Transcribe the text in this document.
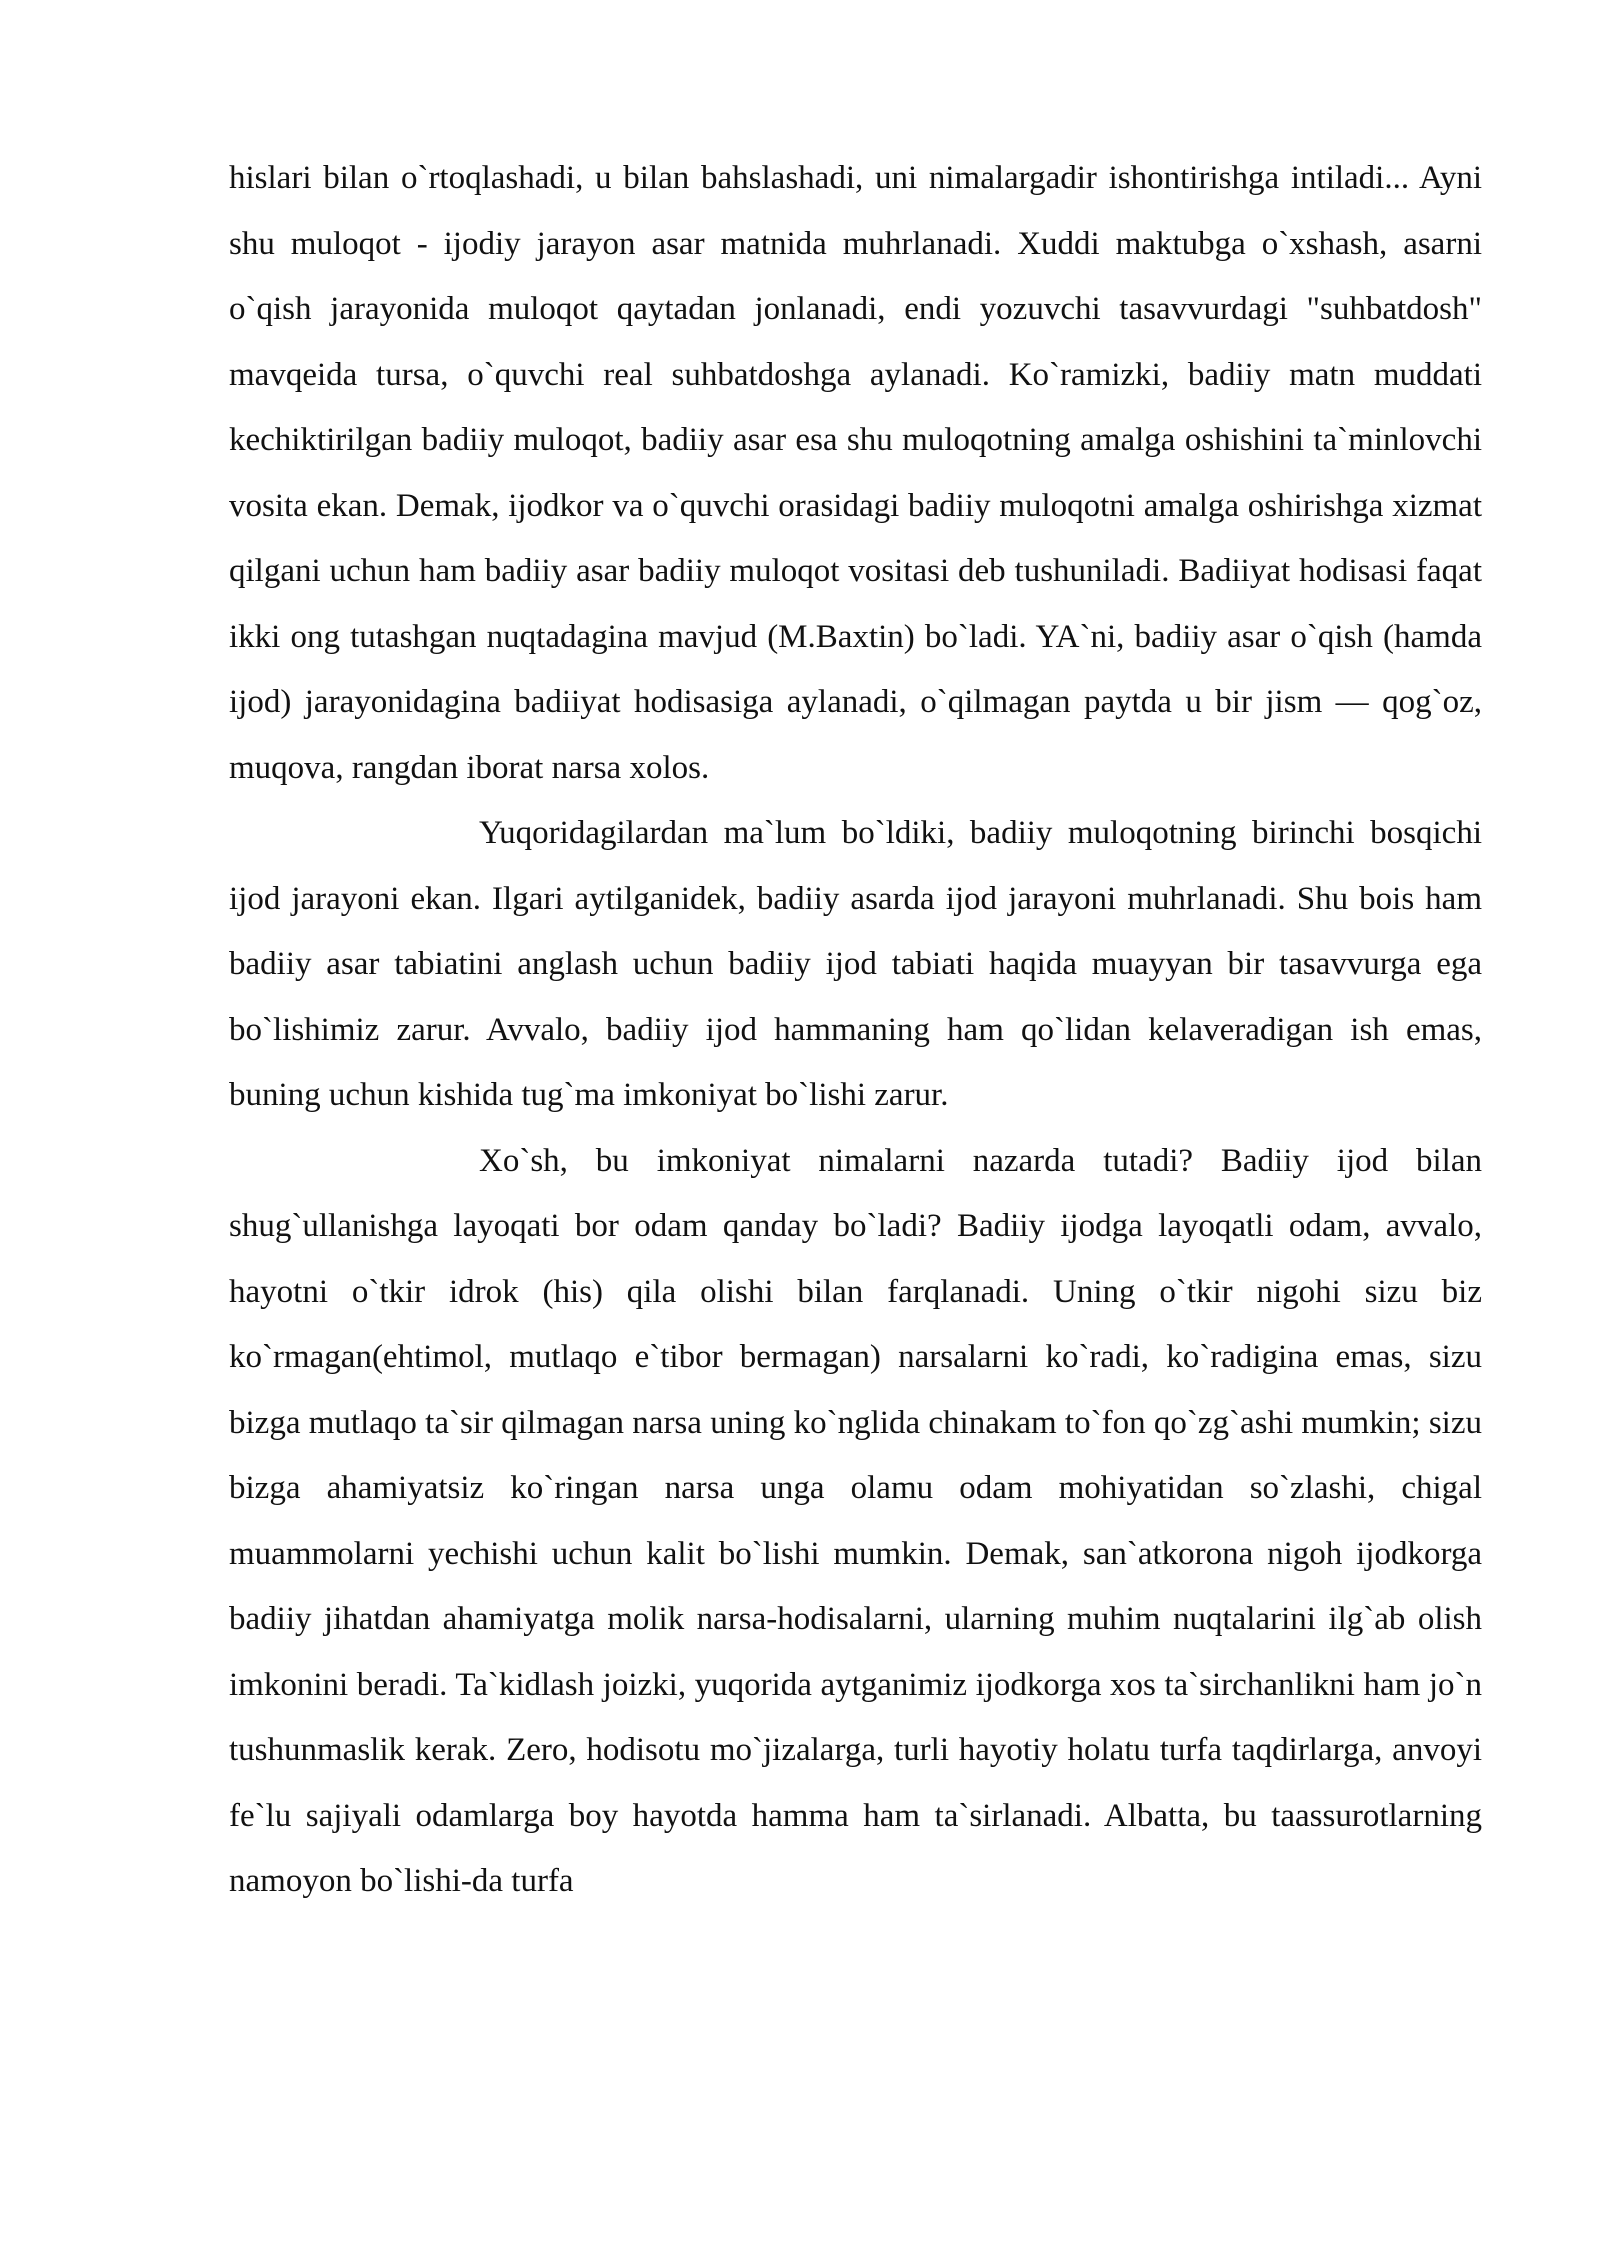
hislari bilan o`rtoqlashadi, u bilan bahslashadi, uni nimalargadir ishontirishga intiladi... Ayni shu muloqot - ijodiy jarayon asar matnida muhrlanadi. Xuddi maktubga o`xshash, asarni o`qish jarayonida muloqot qaytadan jonlanadi, endi yozuvchi tasavvurdagi "suhbatdosh" mavqeida tursa, o`quvchi real suhbatdoshga aylanadi. Ko`ramizki, badiiy matn muddati kechiktirilgan badiiy muloqot, badiiy asar esa shu muloqotning amalga oshishini ta`minlovchi vosita ekan. Demak, ijodkor va o`quvchi orasidagi badiiy muloqotni amalga oshirishga xizmat qilgani uchun ham badiiy asar badiiy muloqot vositasi deb tushuniladi. Badiiyat hodisasi faqat ikki ong tutashgan nuqtadagina mavjud (M.Baxtin) bo`ladi. YA`ni, badiiy asar o`qish (hamda ijod) jarayonidagina badiiyat hodisasiga aylanadi, o`qilmagan paytda u bir jism — qog`oz, muqova, rangdan iborat narsa xolos.

Yuqoridagilardan ma`lum bo`ldiki, badiiy muloqotning birinchi bosqichi ijod jarayoni ekan. Ilgari aytilganidek, badiiy asarda ijod jarayoni muhrlanadi. Shu bois ham badiiy asar tabiatini anglash uchun badiiy ijod tabiati haqida muayyan bir tasavvurga ega bo`lishimiz zarur. Avvalo, badiiy ijod hammaning ham qo`lidan kelaveradigan ish emas, buning uchun kishida tug`ma imkoniyat bo`lishi zarur.

Xo`sh, bu imkoniyat nimalarni nazarda tutadi? Badiiy ijod bilan shug`ullanishga layoqati bor odam qanday bo`ladi? Badiiy ijodga layoqatli odam, avvalo, hayotni o`tkir idrok (his) qila olishi bilan farqlanadi. Uning o`tkir nigohi sizu biz ko`rmagan(ehtimol, mutlaqo e`tibor bermagan) narsalarni ko`radi, ko`radigina emas, sizu bizga mutlaqo ta`sir qilmagan narsa uning ko`nglida chinakam to`fon qo`zg`ashi mumkin; sizu bizga ahamiyatsiz ko`ringan narsa unga olamu odam mohiyatidan so`zlashi, chigal muammolarni yechishi uchun kalit bo`lishi mumkin. Demak, san`atkorona nigoh ijodkorga badiiy jihatdan ahamiyatga molik narsa-hodisalarni, ularning muhim nuqtalarini ilg`ab olish imkonini beradi. Ta`kidlash joizki, yuqorida aytganimiz ijodkorga xos ta`sirchanlikni ham jo`n tushunmaslik kerak. Zero, hodisotu mo`jizalarga, turli hayotiy holatu turfa taqdirlarga, anvoyi fe`lu sajiyali odamlarga boy hayotda hamma ham ta`sirlanadi. Albatta, bu taassurotlarning namoyon bo`lishi-da turfa
